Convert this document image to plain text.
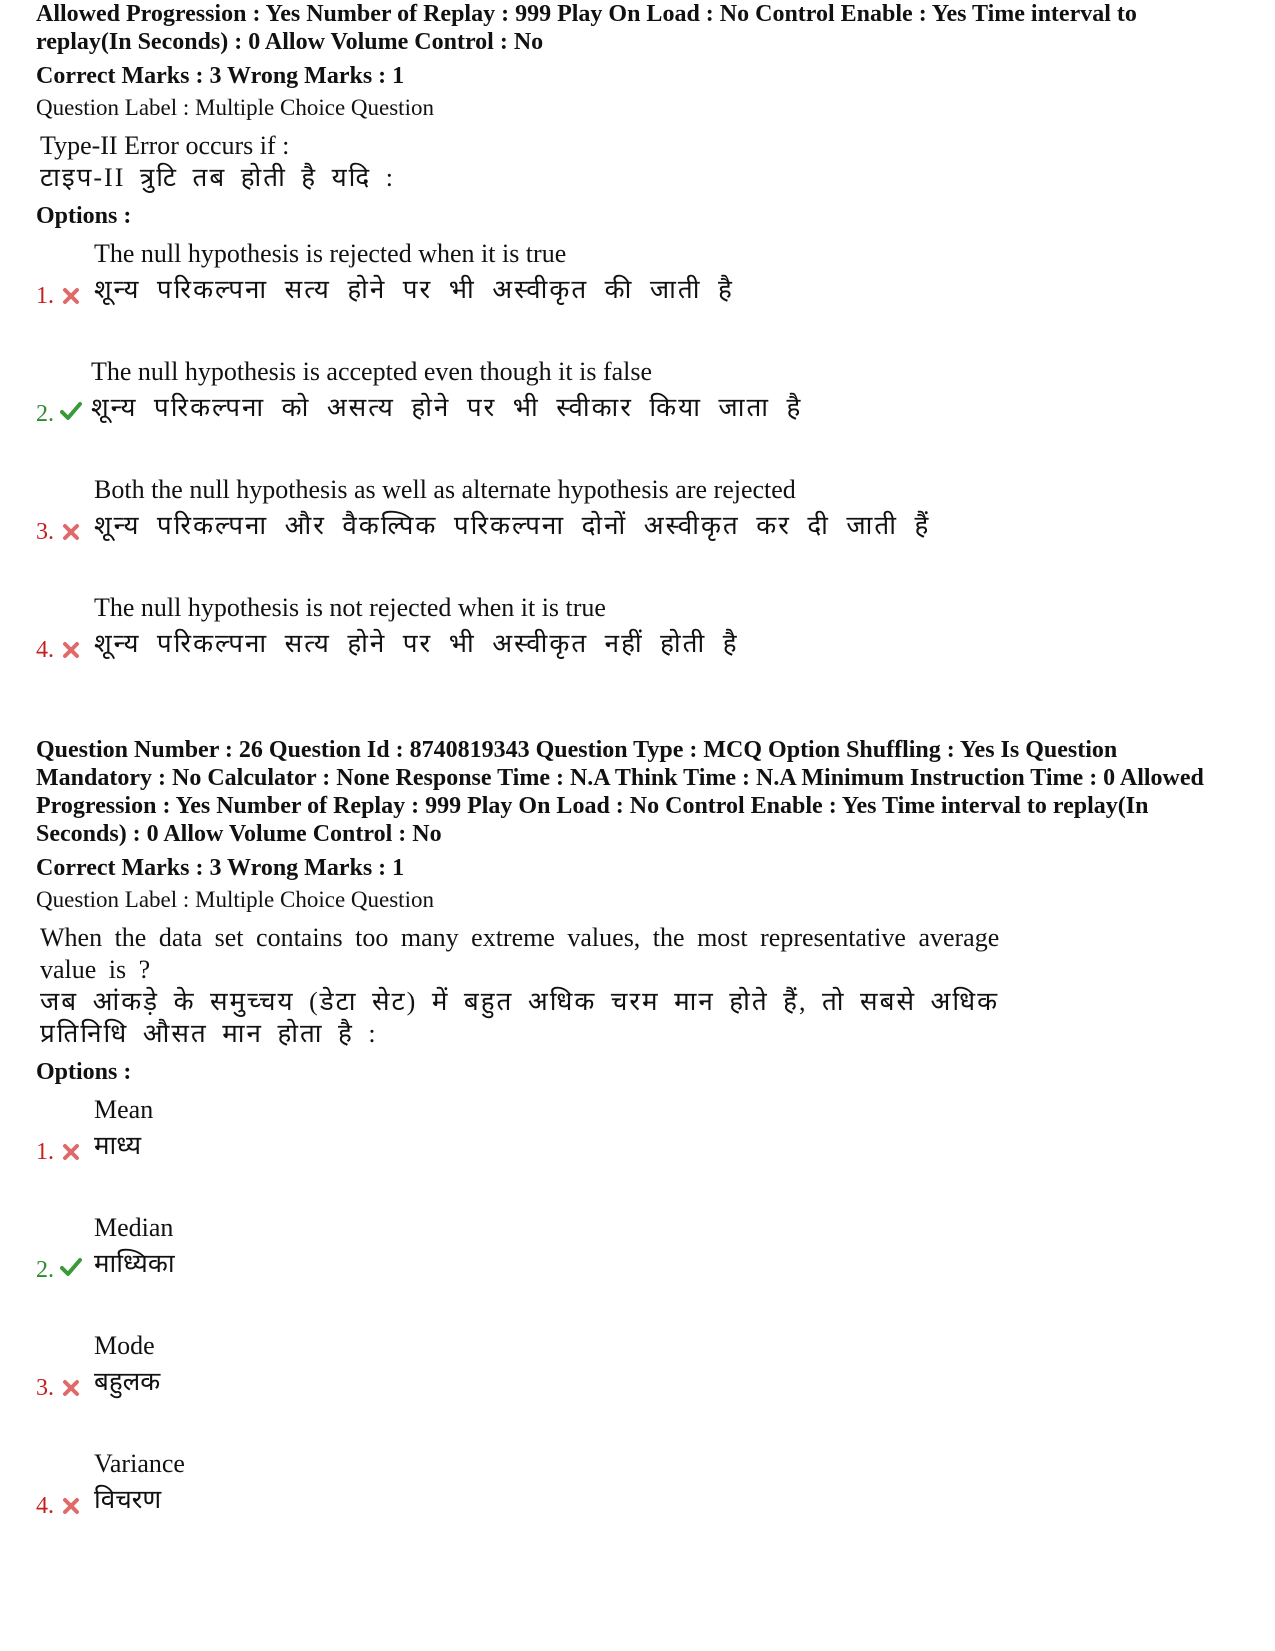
Allowed Progression : Yes Number of Replay : 999 Play On Load : No Control Enable : Yes Time interval to replay(In Seconds) : 0 Allow Volume Control : No

Correct Marks : 3 Wrong Marks : 1

Question Label : Multiple Choice Question

Type-II Error occurs if :
टाइप-II त्रुटि तब होती है यदि :

Options :

The null hypothesis is rejected when it is true
शून्य परिकल्पना सत्य होने पर भी अस्वीकृत की जाती है
1.
The null hypothesis is accepted even though it is false
शून्य परिकल्पना को असत्य होने पर भी स्वीकार किया जाता है
2.
Both the null hypothesis as well as alternate hypothesis are rejected
शून्य परिकल्पना और वैकल्पिक परिकल्पना दोनों अस्वीकृत कर दी जाती हैं
3.
The null hypothesis is not rejected when it is true
शून्य परिकल्पना सत्य होने पर भी अस्वीकृत नहीं होती है
4.

Question Number : 26 Question Id : 8740819343 Question Type : MCQ Option Shuffling : Yes Is Question Mandatory : No Calculator : None Response Time : N.A Think Time : N.A Minimum Instruction Time : 0 Allowed Progression : Yes Number of Replay : 999 Play On Load : No Control Enable : Yes Time interval to replay(In Seconds) : 0 Allow Volume Control : No

Correct Marks : 3 Wrong Marks : 1

Question Label : Multiple Choice Question

When the data set contains too many extreme values, the most representative average value is ?
जब आंकड़े के समुच्चय (डेटा सेट) में बहुत अधिक चरम मान होते हैं, तो सबसे अधिक प्रतिनिधि औसत मान होता है :

Options :

Mean
माध्य
1.
Median
माध्यिका
2.
Mode
बहुलक
3.
Variance
विचरण
4.
